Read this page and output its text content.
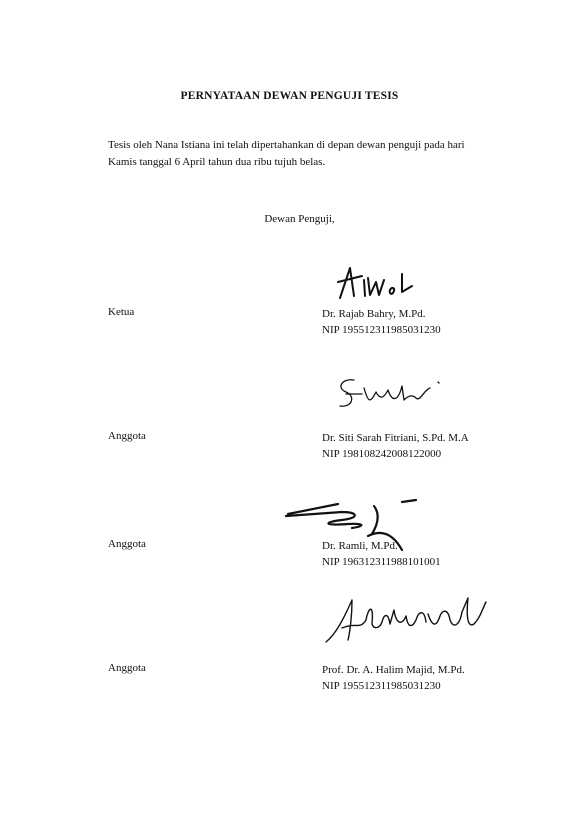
PERNYATAAN DEWAN PENGUJI TESIS
Tesis oleh Nana Istiana ini telah dipertahankan di depan dewan penguji pada hari
Kamis tanggal 6 April tahun dua ribu tujuh belas.
Dewan Penguji,
Ketua	Dr. Rajab Bahry, M.Pd.
NIP 195512311985031230
Anggota	Dr. Siti Sarah Fitriani, S.Pd. M.A
NIP 198108242008122000
Anggota	Dr. Ramli, M.Pd.
NIP 196312311988101001
Anggota	Prof. Dr. A. Halim Majid, M.Pd.
NIP 195512311985031230
